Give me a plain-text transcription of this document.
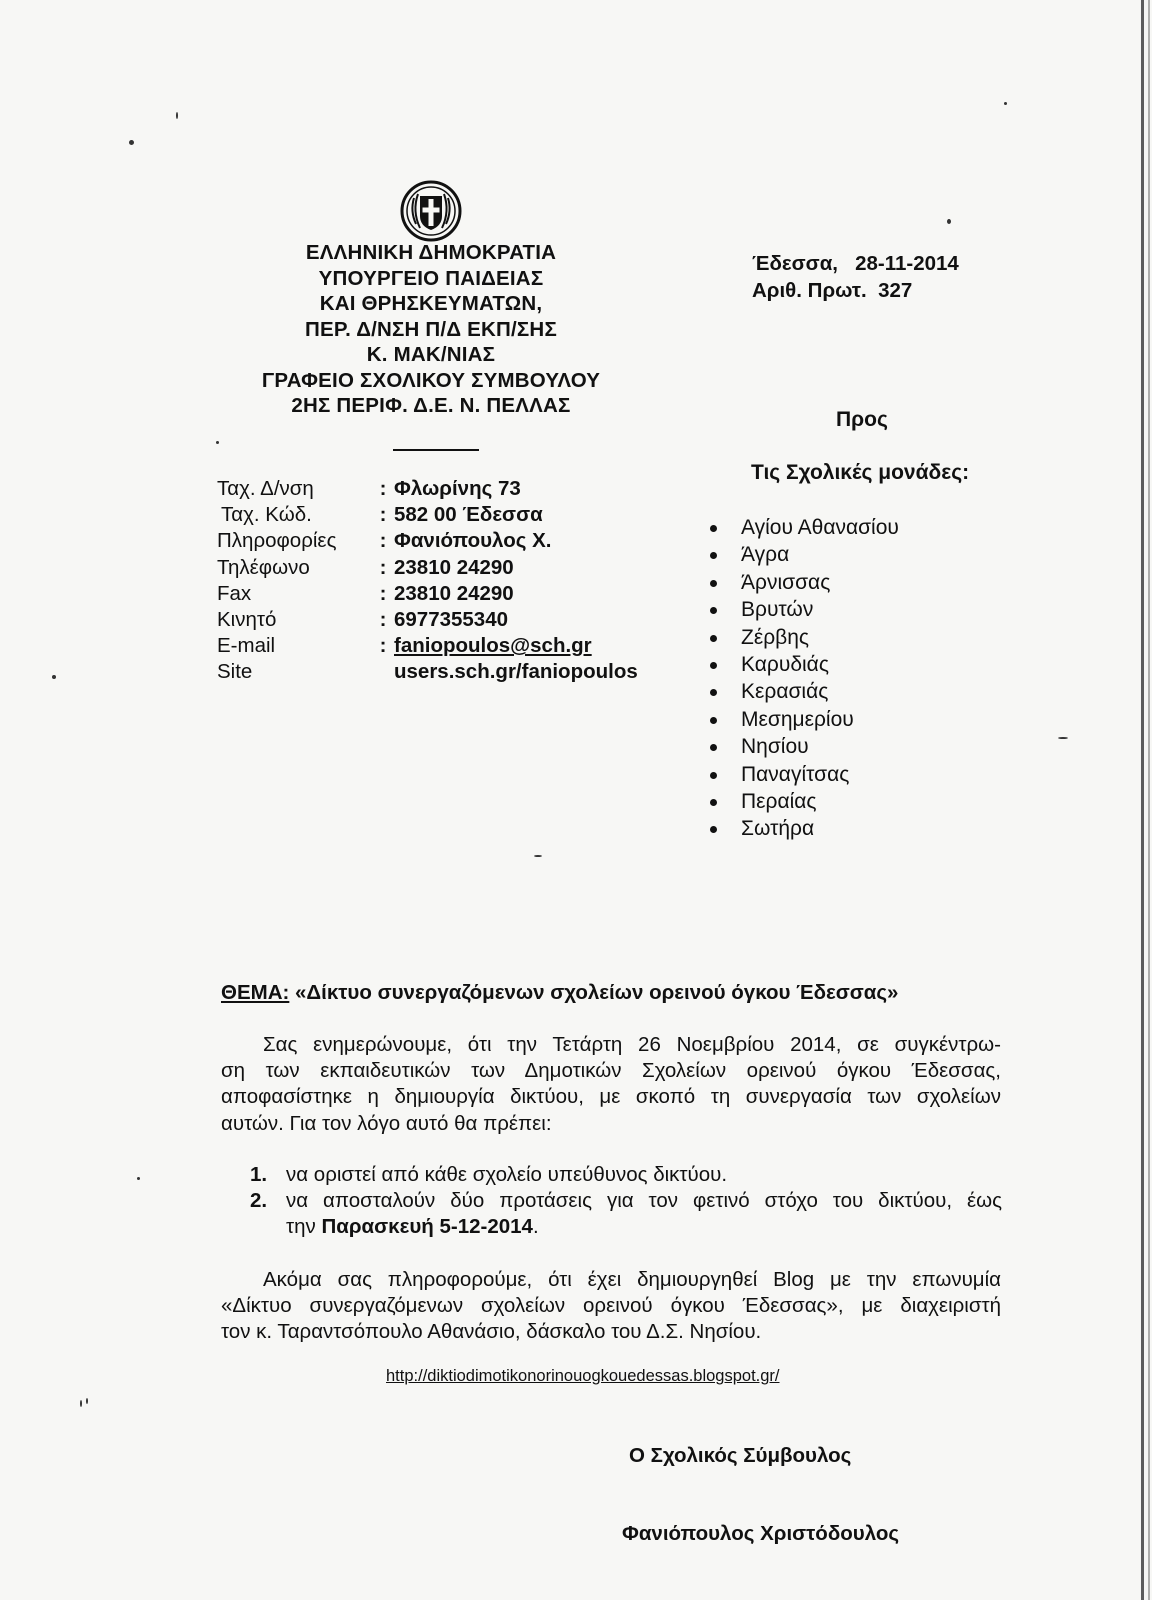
ΕΛΛΗΝΙΚΗ ΔΗΜΟΚΡΑΤΙΑ
ΥΠΟΥΡΓΕΙΟ ΠΑΙΔΕΙΑΣ
ΚΑΙ ΘΡΗΣΚΕΥΜΑΤΩΝ,
ΠΕΡ. Δ/ΝΣΗ Π/Δ ΕΚΠ/ΣΗΣ
Κ. ΜΑΚ/ΝΙΑΣ
ΓΡΑΦΕΙΟ ΣΧΟΛΙΚΟΥ ΣΥΜΒΟΥΛΟΥ
2ΗΣ ΠΕΡΙΦ. Δ.Ε. Ν. ΠΕΛΛΑΣ
Ταχ. Δ/νση	: Φλωρίνης 73
Ταχ. Κώδ.	: 582 00 Έδεσσα
Πληροφορίες	: Φανιόπουλος Χ.
Τηλέφωνο	: 23810 24290
Fax	: 23810 24290
Κινητό	: 6977355340
E-mail	: faniopoulos@sch.gr
Site	users.sch.gr/faniopoulos
Έδεσσα,   28-11-2014
Αριθ. Πρωτ.  327
Προς
Τις Σχολικές μονάδες:
Αγίου Αθανασίου
Άγρα
Άρνισσας
Βρυτών
Ζέρβης
Καρυδιάς
Κερασιάς
Μεσημερίου
Νησίου
Παναγίτσας
Περαίας
Σωτήρα
ΘΕΜΑ: «Δίκτυο συνεργαζόμενων σχολείων ορεινού όγκου Έδεσσας»
Σας ενημερώνουμε, ότι την Τετάρτη 26 Νοεμβρίου 2014, σε συγκέντρω-
ση των εκπαιδευτικών των Δημοτικών Σχολείων ορεινού όγκου Έδεσσας,
αποφασίστηκε η δημιουργία δικτύου, με σκοπό τη συνεργασία των σχολείων
αυτών. Για τον λόγο αυτό θα πρέπει:
1. να οριστεί από κάθε σχολείο υπεύθυνος δικτύου.
2. να αποσταλούν δύο προτάσεις για τον φετινό στόχο του δικτύου, έως
την Παρασκευή 5-12-2014.
Ακόμα σας πληροφορούμε, ότι έχει δημιουργηθεί Blog με την επωνυμία
«Δίκτυο συνεργαζόμενων σχολείων ορεινού όγκου Έδεσσας», με διαχειριστή
τον κ. Ταραντσόπουλο Αθανάσιο, δάσκαλο του Δ.Σ. Νησίου.
http://diktiodimotikonorinouogkouedessas.blogspot.gr/
Ο Σχολικός Σύμβουλος
Φανιόπουλος Χριστόδουλος
